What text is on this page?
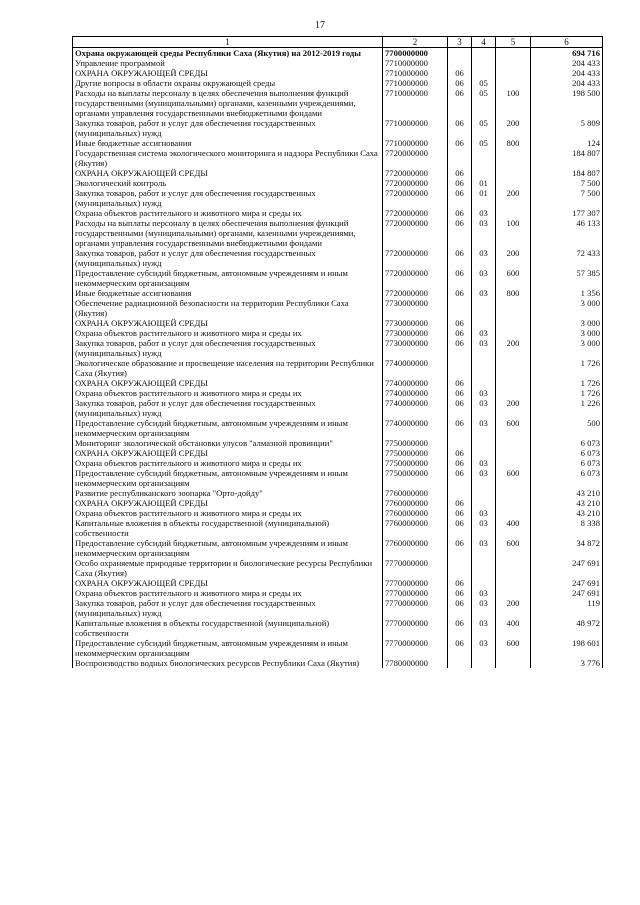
17
1	2	3	4	5	6
Охрана окружающей среды Республики Саха (Якутия) на 2012-2019 годы	7700000000				694 716
Управление программой	7710000000				204 433
ОХРАНА ОКРУЖАЮЩЕЙ СРЕДЫ	7710000000	06			204 433
Другие вопросы в области охраны окружающей среды	7710000000	06	05		204 433
Расходы на выплаты персоналу в целях обеспечения выполнения функций государственными (муниципальными) органами, казенными учреждениями, органами управления государственными внебюджетными фондами	7710000000	06	05	100	198 500
Закупка товаров, работ и услуг для обеспечения государственных (муниципальных) нужд	7710000000	06	05	200	5 809
Иные бюджетные ассигнования	7710000000	06	05	800	124
Государственная система экологического мониторинга и надзора Республики Саха (Якутия)	7720000000				184 807
ОХРАНА ОКРУЖАЮЩЕЙ СРЕДЫ	7720000000	06			184 807
Экологический контроль	7720000000	06	01		7 500
Закупка товаров, работ и услуг для обеспечения государственных (муниципальных) нужд	7720000000	06	01	200	7 500
Охрана объектов растительного и животного мира и среды их	7720000000	06	03		177 307
Расходы на выплаты персоналу в целях обеспечения выполнения функций государственными (муниципальными) органами, казенными учреждениями, органами управления государственными внебюджетными фондами	7720000000	06	03	100	46 133
Закупка товаров, работ и услуг для обеспечения государственных (муниципальных) нужд	7720000000	06	03	200	72 433
Предоставление субсидий бюджетным, автономным учреждениям и иным некоммерческим организациям	7720000000	06	03	600	57 385
Иные бюджетные ассигнования	7720000000	06	03	800	1 356
Обеспечение радиационной безопасности на территории Республики Саха (Якутия)	7730000000				3 000
ОХРАНА ОКРУЖАЮЩЕЙ СРЕДЫ	7730000000	06			3 000
Охрана объектов растительного и животного мира и среды их	7730000000	06	03		3 000
Закупка товаров, работ и услуг для обеспечения государственных (муниципальных) нужд	7730000000	06	03	200	3 000
Экологическое образование и просвещение населения на территории Республики Саха (Якутия)	7740000000				1 726
ОХРАНА ОКРУЖАЮЩЕЙ СРЕДЫ	7740000000	06			1 726
Охрана объектов растительного и животного мира и среды их	7740000000	06	03		1 726
Закупка товаров, работ и услуг для обеспечения государственных (муниципальных) нужд	7740000000	06	03	200	1 226
Предоставление субсидий бюджетным, автономным учреждениям и иным некоммерческим организациям	7740000000	06	03	600	500
Мониторинг экологической обстановки улусов "алмазной провинции"	7750000000				6 073
ОХРАНА ОКРУЖАЮЩЕЙ СРЕДЫ	7750000000	06			6 073
Охрана объектов растительного и животного мира и среды их	7750000000	06	03		6 073
Предоставление субсидий бюджетным, автономным учреждениям и иным некоммерческим организациям	7750000000	06	03	600	6 073
Развитие республиканского зоопарка "Орто-дойду"	7760000000				43 210
ОХРАНА ОКРУЖАЮЩЕЙ СРЕДЫ	7760000000	06			43 210
Охрана объектов растительного и животного мира и среды их	7760000000	06	03		43 210
Капитальные вложения в объекты государственной (муниципальной) собственности	7760000000	06	03	400	8 338
Предоставление субсидий бюджетным, автономным учреждениям и иным некоммерческим организациям	7760000000	06	03	600	34 872
Особо охраняемые природные территории и биологические ресурсы Республики Саха (Якутия)	7770000000				247 691
ОХРАНА ОКРУЖАЮЩЕЙ СРЕДЫ	7770000000	06			247 691
Охрана объектов растительного и животного мира и среды их	7770000000	06	03		247 691
Закупка товаров, работ и услуг для обеспечения государственных (муниципальных) нужд	7770000000	06	03	200	119
Капитальные вложения в объекты государственной (муниципальной) собственности	7770000000	06	03	400	48 972
Предоставление субсидий бюджетным, автономным учреждениям и иным некоммерческим организациям	7770000000	06	03	600	198 601
Воспроизводство водных биологических ресурсов Республики Саха (Якутия)	7780000000				3 776
